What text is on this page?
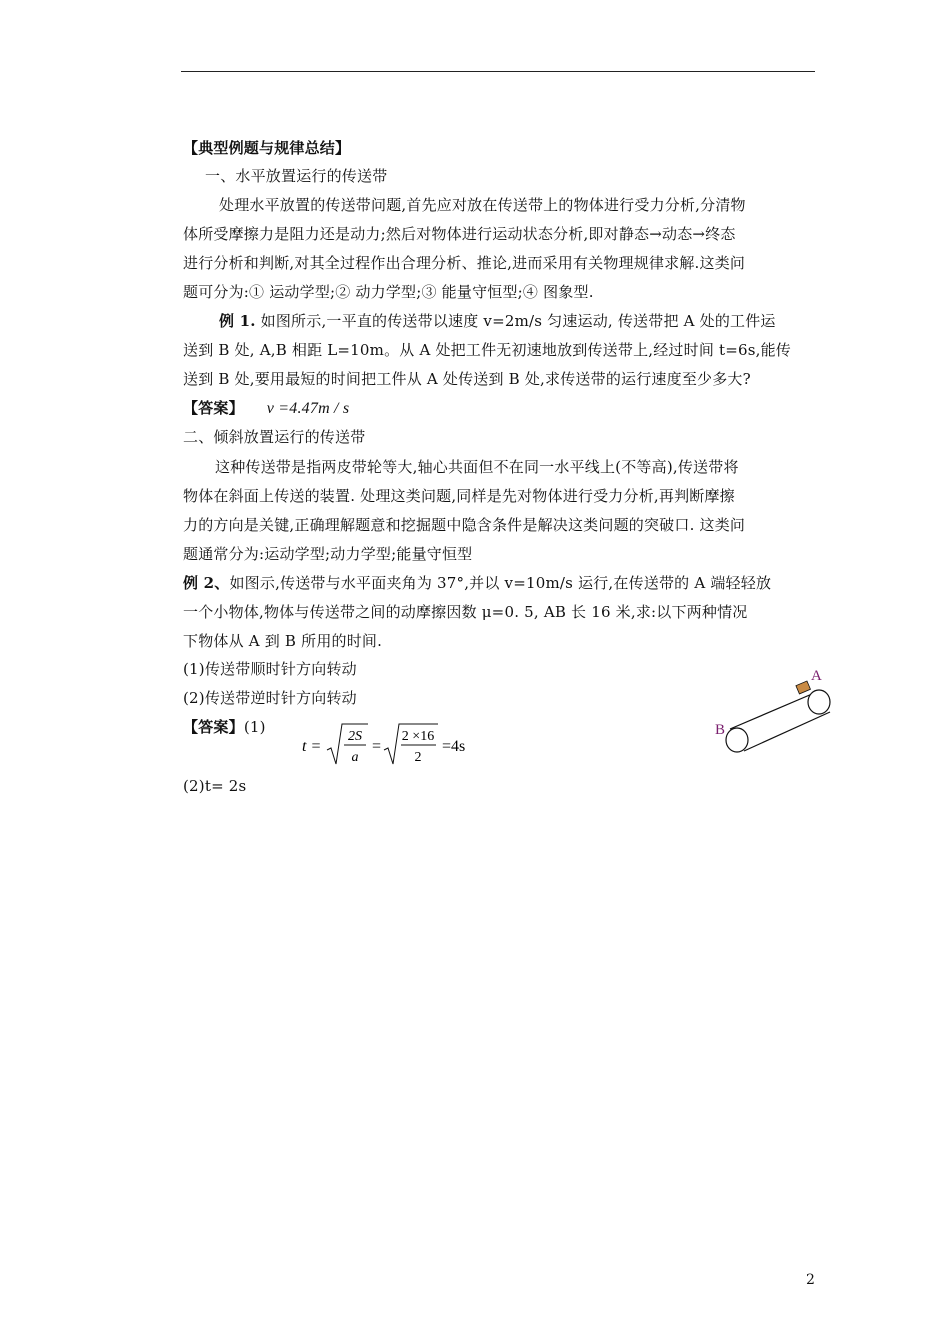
【典型例题与规律总结】
一、水平放置运行的传送带
处理水平放置的传送带问题,首先应对放在传送带上的物体进行受力分析,分清物
体所受摩擦力是阻力还是动力;然后对物体进行运动状态分析,即对静态→动态→终态
进行分析和判断,对其全过程作出合理分析、推论,进而采用有关物理规律求解.这类问
题可分为:① 运动学型;② 动力学型;③ 能量守恒型;④ 图象型.
例 1. 如图所示,一平直的传送带以速度 v=2m/s 匀速运动, 传送带把 A 处的工件运
送到 B 处, A,B 相距 L=10m。从 A 处把工件无初速地放到传送带上,经过时间 t=6s,能传
送到 B 处,要用最短的时间把工件从 A 处传送到 B 处,求传送带的运行速度至少多大?
【答案】 v =4.47m / s
二、倾斜放置运行的传送带
这种传送带是指两皮带轮等大,轴心共面但不在同一水平线上(不等高),传送带将
物体在斜面上传送的装置. 处理这类问题,同样是先对物体进行受力分析,再判断摩擦
力的方向是关键,正确理解题意和挖掘题中隐含条件是解决这类问题的突破口. 这类问
题通常分为:运动学型;动力学型;能量守恒型
例 2、如图示,传送带与水平面夹角为 37°,并以 v=10m/s 运行,在传送带的 A 端轻轻放
一个小物体,物体与传送带之间的动摩擦因数 μ=0. 5, AB 长 16 米,求:以下两种情况
下物体从 A 到 B 所用的时间.
(1)传送带顺时针方向转动
(2)传送带逆时针方向转动
【答案】(1)
t =
2S
a
=
2 ×16
2
=4s
(2)t= 2s
A
B
2
